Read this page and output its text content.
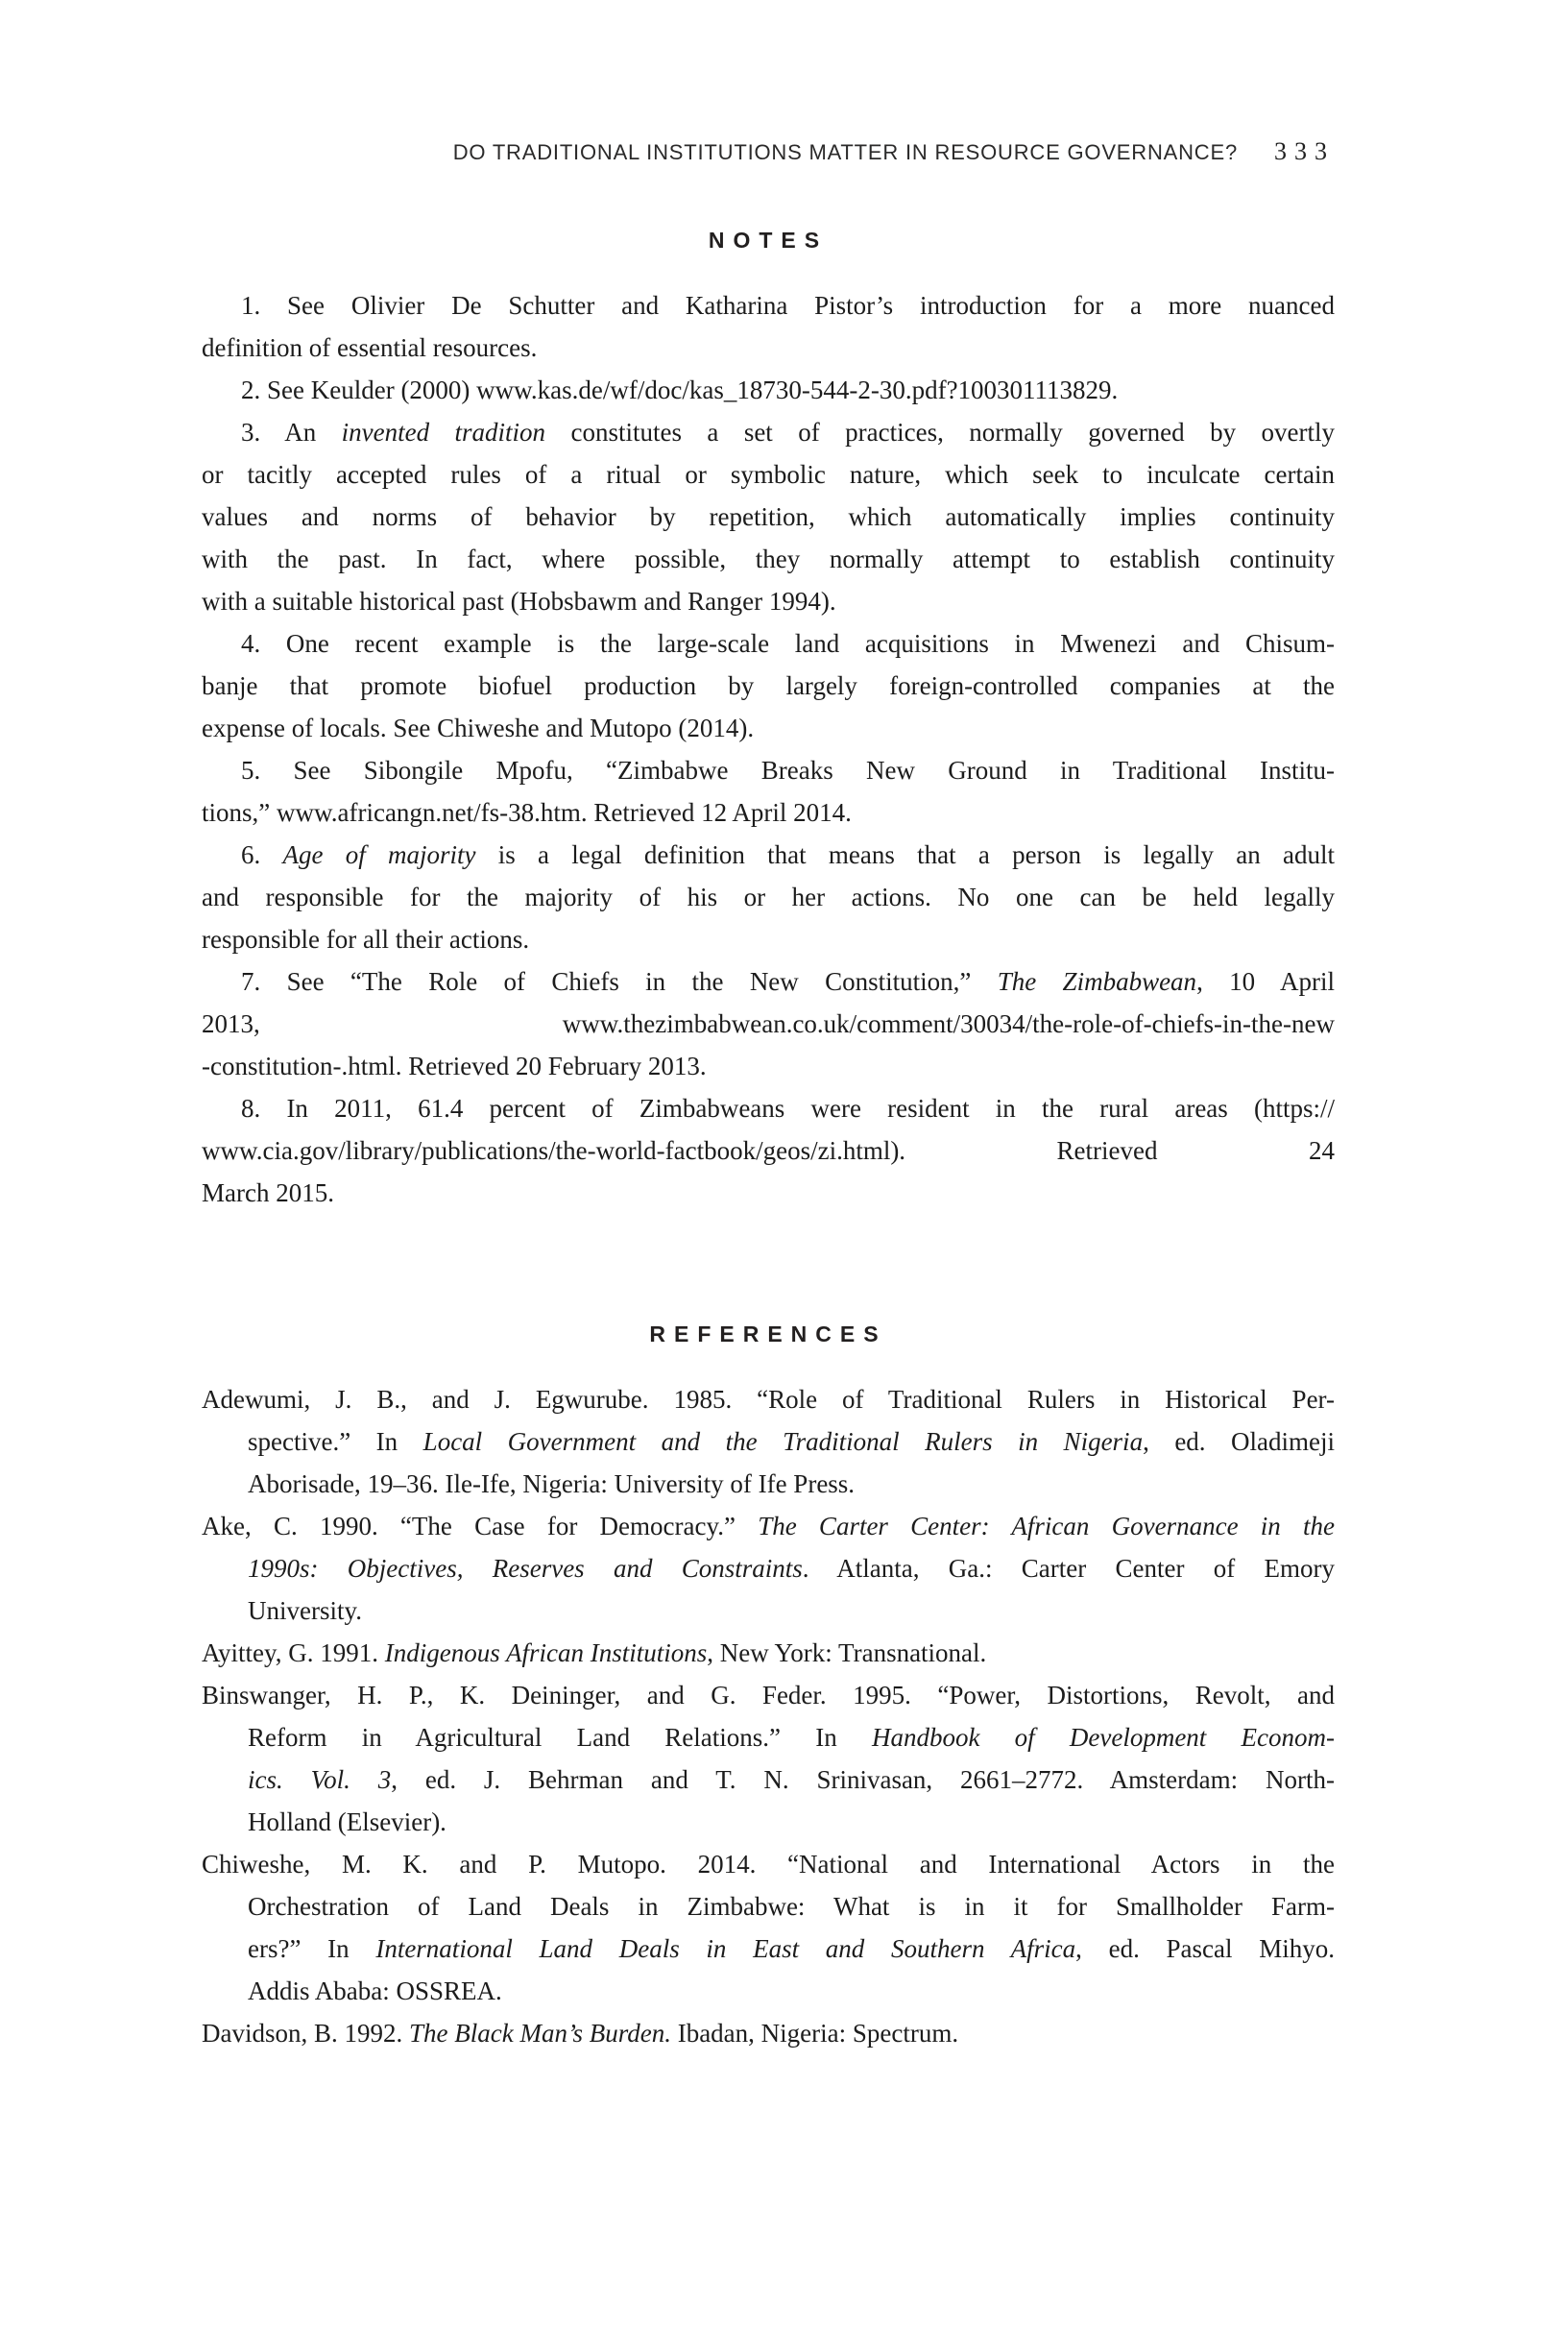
DO TRADITIONAL INSTITUTIONS MATTER IN RESOURCE GOVERNANCE? 333
NOTES
1. See Olivier De Schutter and Katharina Pistor’s introduction for a more nuanced
definition of essential resources.
2. See Keulder (2000) www.kas.de/wf/doc/kas_18730-544-2-30.pdf?100301113829.
3. An invented tradition constitutes a set of practices, normally governed by overtly
or tacitly accepted rules of a ritual or symbolic nature, which seek to inculcate certain
values and norms of behavior by repetition, which automatically implies continuity
with the past. In fact, where possible, they normally attempt to establish continuity
with a suitable historical past (Hobsbawm and Ranger 1994).
4. One recent example is the large-scale land acquisitions in Mwenezi and Chisum-
banje that promote biofuel production by largely foreign-controlled companies at the
expense of locals. See Chiweshe and Mutopo (2014).
5. See Sibongile Mpofu, “Zimbabwe Breaks New Ground in Traditional Institu-
tions,” www.africangn.net/fs-38.htm. Retrieved 12 April 2014.
6. Age of majority is a legal definition that means that a person is legally an adult
and responsible for the majority of his or her actions. No one can be held legally
responsible for all their actions.
7. See “The Role of Chiefs in the New Constitution,” The Zimbabwean, 10 April
2013, www.thezimbabwean.co.uk/comment/30034/the-role-of-chiefs-in-the-new
-constitution-.html. Retrieved 20 February 2013.
8. In 2011, 61.4 percent of Zimbabweans were resident in the rural areas (https://
www.cia.gov/library/publications/the-world-factbook/geos/zi.html). Retrieved 24
March 2015.
REFERENCES
Adewumi, J. B., and J. Egwurube. 1985. “Role of Traditional Rulers in Historical Per-
spective.” In Local Government and the Traditional Rulers in Nigeria, ed. Oladimeji
Aborisade, 19–36. Ile-Ife, Nigeria: University of Ife Press.
Ake, C. 1990. “The Case for Democracy.” The Carter Center: African Governance in the
1990s: Objectives, Reserves and Constraints. Atlanta, Ga.: Carter Center of Emory
University.
Ayittey, G. 1991. Indigenous African Institutions, New York: Transnational.
Binswanger, H. P., K. Deininger, and G. Feder. 1995. “Power, Distortions, Revolt, and
Reform in Agricultural Land Relations.” In Handbook of Development Econom-
ics. Vol. 3, ed. J. Behrman and T. N. Srinivasan, 2661–2772. Amsterdam: North-
Holland (Elsevier).
Chiweshe, M. K. and P. Mutopo. 2014. “National and International Actors in the
Orchestration of Land Deals in Zimbabwe: What is in it for Smallholder Farm-
ers?” In International Land Deals in East and Southern Africa, ed. Pascal Mihyo.
Addis Ababa: OSSREA.
Davidson, B. 1992. The Black Man’s Burden. Ibadan, Nigeria: Spectrum.
